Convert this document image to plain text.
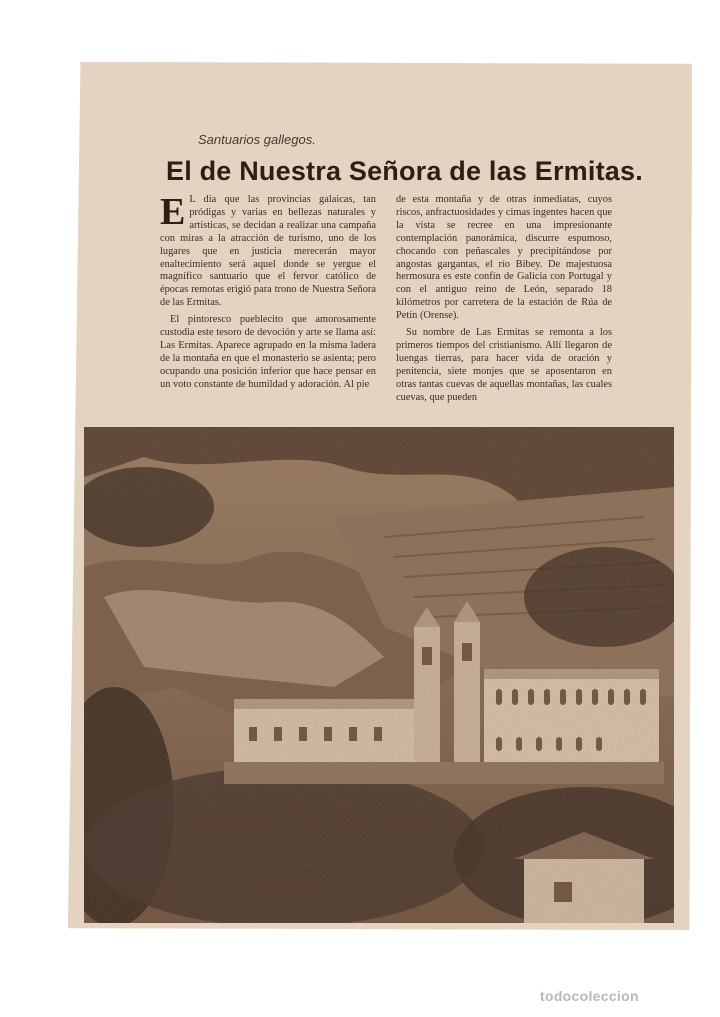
Santuarios gallegos.
El de Nuestra Señora de las Ermitas.

E L día que las provincias galaicas, tan pródigas y varias en bellezas naturales y artísticas, se decidan a realizar una campaña con miras a la atracción de turismo, uno de los lugares que en justicia merecerán mayor enaltecimiento será aquel donde se yergue el magnífico santuario que el fervor católico de épocas remotas erigió para trono de Nuestra Señora de las Ermitas.

El pintoresco pueblecito que amorosamente custodia este tesoro de devoción y arte se llama así: Las Ermitas. Aparece agrupado en la misma ladera de la montaña en que el monasterio se asienta; pero ocupando una posición inferior que hace pensar en un voto constante de humildad y adoración. Al pie

de esta montaña y de otras inmediatas, cuyos riscos, anfractuosidades y cimas ingentes hacen que la vista se recree en una impresionante contemplación panorámica, discurre espumoso, chocando con peñascales y precipitándose por angostas gargantas, el río Bibey. De majestuosa hermosura es este confín de Galicia con Portugal y con el antiguo reino de León, separado 18 kilómetros por carretera de la estación de Rúa de Petín (Orense).

Su nombre de Las Ermitas se remonta a los primeros tiempos del cristianismo. Allí llegaron de luengas tierras, para hacer vida de oración y penitencia, siete monjes que se aposentaron en otras tantas cuevas de aquellas montañas, las cuales cuevas, que pueden

todocoleccion
